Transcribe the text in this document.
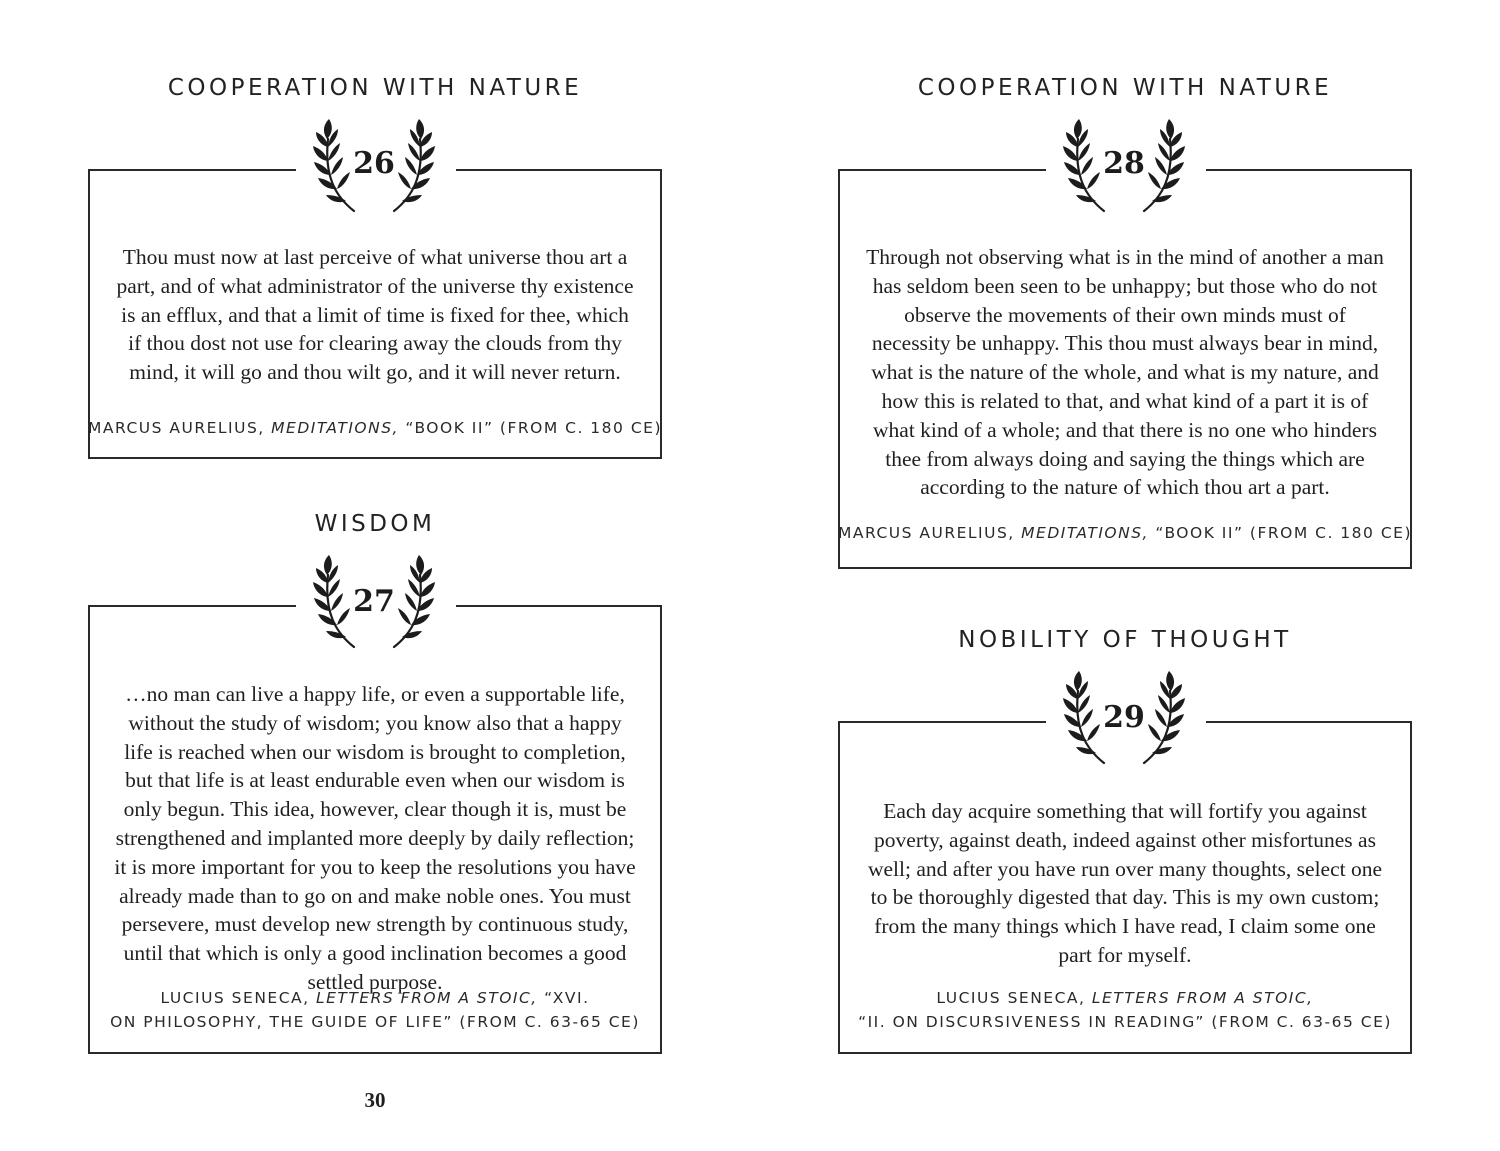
COOPERATION WITH NATURE
26
Thou must now at last perceive of what universe thou art a part, and of what administrator of the universe thy existence is an efflux, and that a limit of time is fixed for thee, which if thou dost not use for clearing away the clouds from thy mind, it will go and thou wilt go, and it will never return.
MARCUS AURELIUS, MEDITATIONS, “BOOK II” (FROM C. 180 CE)
WISDOM
27
…no man can live a happy life, or even a supportable life, without the study of wisdom; you know also that a happy life is reached when our wisdom is brought to completion, but that life is at least endurable even when our wisdom is only begun. This idea, however, clear though it is, must be strengthened and implanted more deeply by daily reflection; it is more important for you to keep the resolutions you have already made than to go on and make noble ones. You must persevere, must develop new strength by continuous study, until that which is only a good inclination becomes a good settled purpose.
LUCIUS SENECA, LETTERS FROM A STOIC, “XVI.
ON PHILOSOPHY, THE GUIDE OF LIFE” (FROM C. 63-65 CE)
30
COOPERATION WITH NATURE
28
Through not observing what is in the mind of another a man has seldom been seen to be unhappy; but those who do not observe the movements of their own minds must of necessity be unhappy. This thou must always bear in mind, what is the nature of the whole, and what is my nature, and how this is related to that, and what kind of a part it is of what kind of a whole; and that there is no one who hinders thee from always doing and saying the things which are according to the nature of which thou art a part.
MARCUS AURELIUS, MEDITATIONS, “BOOK II” (FROM C. 180 CE)
NOBILITY OF THOUGHT
29
Each day acquire something that will fortify you against poverty, against death, indeed against other misfortunes as well; and after you have run over many thoughts, select one to be thoroughly digested that day. This is my own custom; from the many things which I have read, I claim some one part for myself.
LUCIUS SENECA, LETTERS FROM A STOIC,
“II. ON DISCURSIVENESS IN READING” (FROM C. 63-65 CE)
